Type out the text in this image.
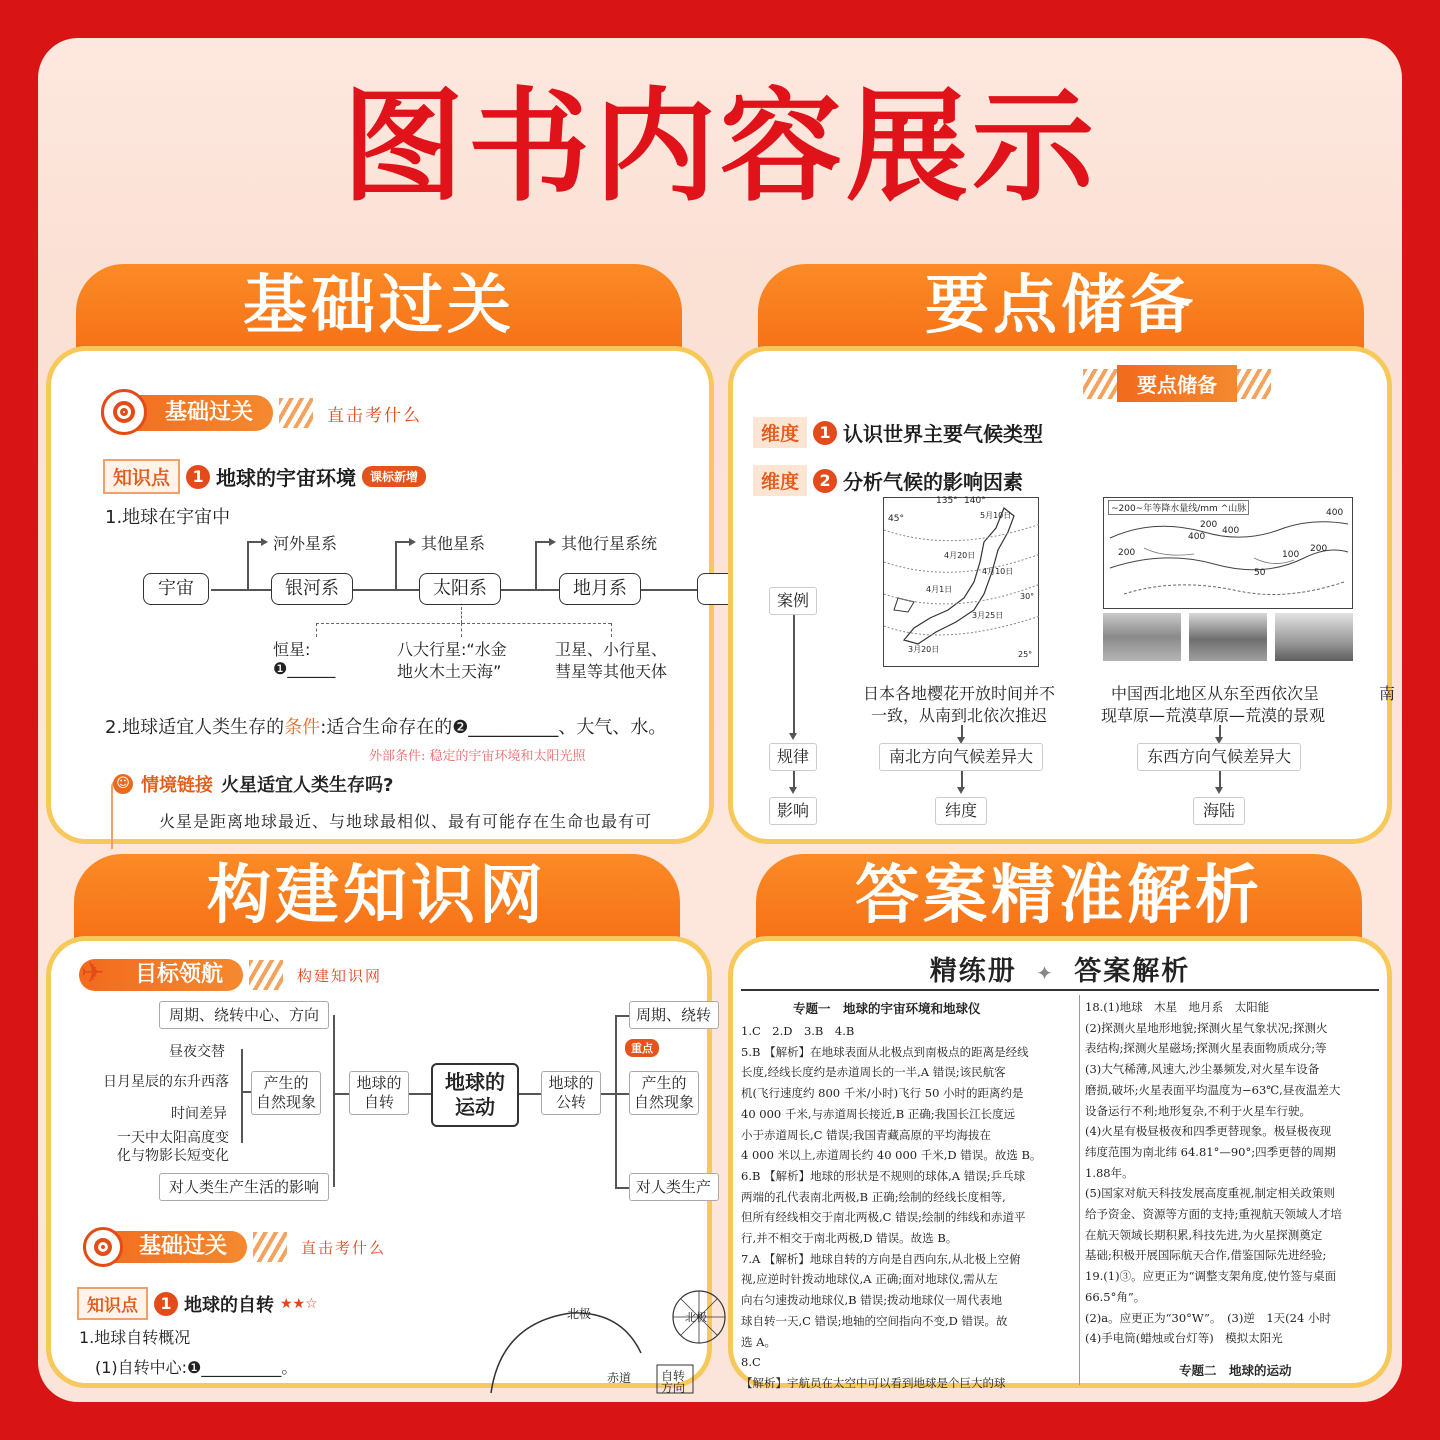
图书内容展示
基础过关
基础过关	直击考什么
知识点	1 地球的宇宙环境	课标新增
1.地球在宇宙中
宇宙	银河系	太阳系	地月系
河外星系	其他星系	其他行星系统
恒星:
❶______
八大行星:“水金
地火木土天海”
卫星、小行星、
彗星等其他天体
2.地球适宜人类生存的条件:适合生命存在的❷__________、大气、水。
外部条件: 稳定的宇宙环境和太阳光照
☺ 情境链接 火星适宜人类生存吗?
火星是距离地球最近、与地球最相似、最有可能存在生命也最有可
要点储备
要点储备
维度	1 认识世界主要气候类型
维度	2 分析气候的影响因素
案例
规律
影响
135° 140°
45°	5月10日
4月20日
4月10日
4月1日
3月25日
3月20日
25°
30°
~200~年等降水量线/mm ^山脉	400
200
400
400
200
100
200
50
日本各地樱花开放时间并不
一致，从南到北依次推迟
中国西北地区从东至西依次呈
现草原—荒漠草原—荒漠的景观
南
南北方向气候差异大
纬度
东西方向气候差异大
海陆
构建知识网
✈	目标领航	构建知识网
周期、绕转中心、方向
昼夜交替
日月星辰的东升西落
时间差异
一天中太阳高度变
化与物影长短变化
对人类生产生活的影响
产生的
自然现象
地球的
自转
地球的
运动
地球的
公转
周期、绕转
重点
产生的
自然现象
对人类生产
基础过关	直击考什么
知识点	1 地球的自转 ★★☆
1.地球自转概况
(1)自转中心:❶__________。
北极	北极
赤道 自转
方向
答案精准解析
精练册 ✦ 答案解析
专题一　地球的宇宙环境和地球仪
1.C　2.D　3.B　4.B
5.B 【解析】在地球表面从北极点到南极点的距离是经线
长度,经线长度约是赤道周长的一半,A 错误;该民航客
机(飞行速度约 800 千米/小时)飞行 50 小时的距离约是
40 000 千米,与赤道周长接近,B 正确;我国长江长度远
小于赤道周长,C 错误;我国青藏高原的平均海拔在
4 000 米以上,赤道周长约 40 000 千米,D 错误。故选 B。
6.B 【解析】地球的形状是不规则的球体,A 错误;乒乓球
两端的孔代表南北两极,B 正确;绘制的经线长度相等,
但所有经线相交于南北两极,C 错误;绘制的纬线和赤道平
行,并不相交于南北两极,D 错误。故选 B。
7.A 【解析】地球自转的方向是自西向东,从北极上空俯
视,应逆时针拨动地球仪,A 正确;面对地球仪,需从左
向右匀速拨动地球仪,B 错误;拨动地球仪一周代表地
球自转一天,C 错误;地轴的空间指向不变,D 错误。故
选 A。
8.C
【解析】宇航员在太空中可以看到地球是个巨大的球
18.(1)地球　木星　地月系　太阳能
(2)探测火星地形地貌;探测火星气象状况;探测火
表结构;探测火星磁场;探测火星表面物质成分;等
(3)大气稀薄,风速大,沙尘暴频发,对火星车设备
磨损,破坏;火星表面平均温度为−63℃,昼夜温差大
设备运行不利;地形复杂,不利于火星车行驶。
(4)火星有极昼极夜和四季更替现象。极昼极夜现
纬度范围为南北纬 64.81°—90°;四季更替的周期
1.88年。
(5)国家对航天科技发展高度重视,制定相关政策则
给予资金、资源等方面的支持;重视航天领域人才培
在航天领域长期积累,科技先进,为火星探测奠定
基础;积极开展国际航天合作,借鉴国际先进经验;
19.(1)③。应更正为“调整支架角度,使竹签与桌面
66.5°角”。
(2)a。应更正为“30°W”。　(3)逆　1天(24 小时
(4)手电筒(蜡烛或台灯等)　模拟太阳光
专题二　地球的运动
